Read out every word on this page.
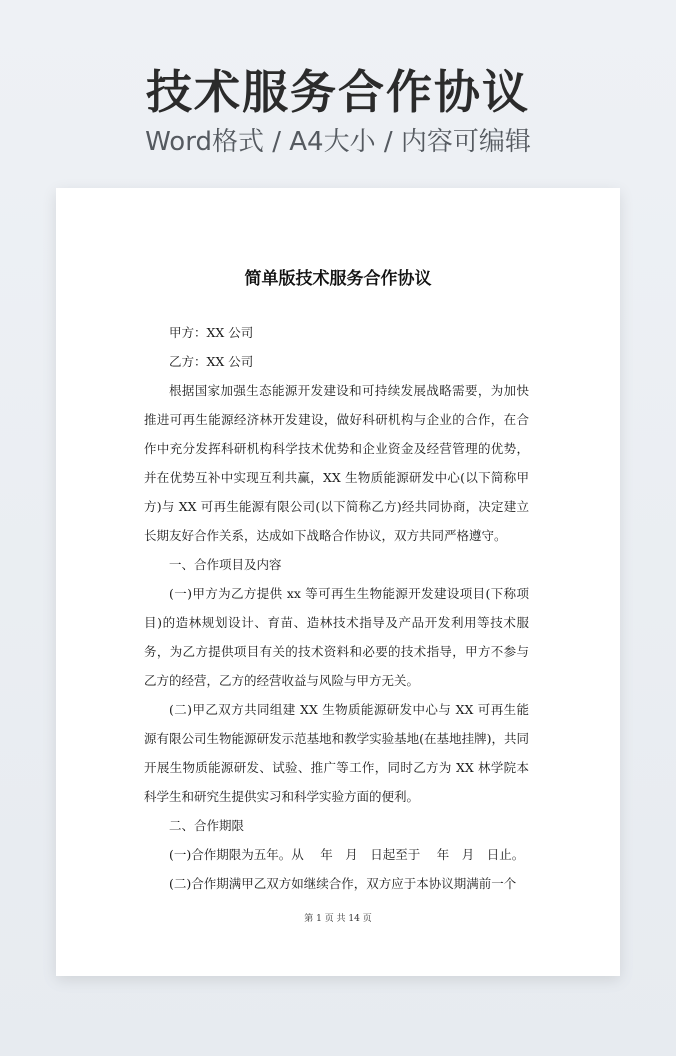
技术服务合作协议
Word格式 / A4大小 / 内容可编辑
简单版技术服务合作协议

甲方：XX 公司

乙方：XX 公司

根据国家加强生态能源开发建设和可持续发展战略需要，为加快推进可再生能源经济林开发建设，做好科研机构与企业的合作，在合作中充分发挥科研机构科学技术优势和企业资金及经营管理的优势，并在优势互补中实现互利共赢，XX 生物质能源研发中心(以下简称甲方)与 XX 可再生能源有限公司(以下简称乙方)经共同协商，决定建立长期友好合作关系，达成如下战略合作协议，双方共同严格遵守。

一、合作项目及内容

(一)甲方为乙方提供 xx 等可再生生物能源开发建设项目(下称项目)的造林规划设计、育苗、造林技术指导及产品开发利用等技术服务，为乙方提供项目有关的技术资料和必要的技术指导，甲方不参与乙方的经营，乙方的经营收益与风险与甲方无关。

(二)甲乙双方共同组建 XX 生物质能源研发中心与 XX 可再生能源有限公司生物能源研发示范基地和教学实验基地(在基地挂牌)，共同开展生物质能源研发、试验、推广等工作，同时乙方为 XX 林学院本科学生和研究生提供实习和科学实验方面的便利。

二、合作期限

(一)合作期限为五年。从　 年　月　日起至于　 年　月　日止。

(二)合作期满甲乙双方如继续合作，双方应于本协议期满前一个

第 1 页 共 14 页
